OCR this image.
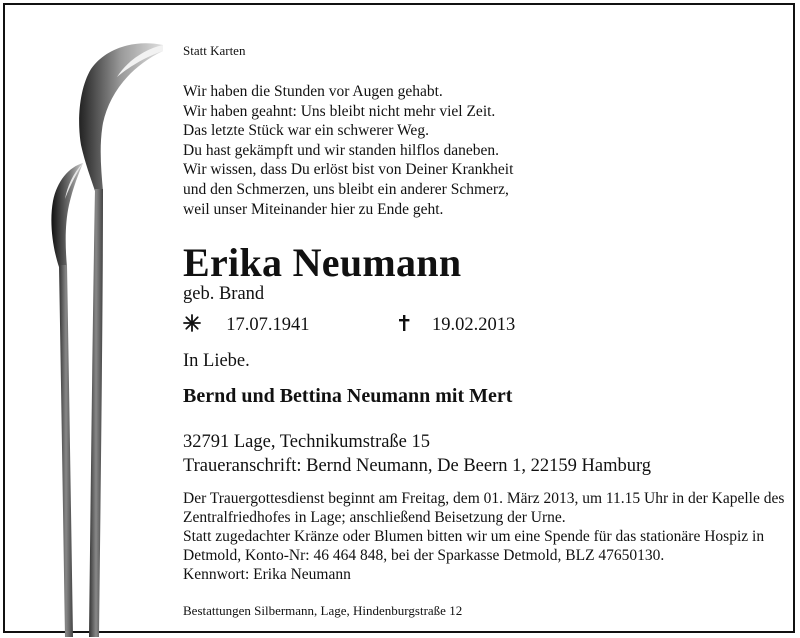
Statt Karten

Wir haben die Stunden vor Augen gehabt.
Wir haben geahnt: Uns bleibt nicht mehr viel Zeit.
Das letzte Stück war ein schwerer Weg.
Du hast gekämpft und wir standen hilflos daneben.
Wir wissen, dass Du erlöst bist von Deiner Krankheit
und den Schmerzen, uns bleibt ein anderer Schmerz,
weil unser Miteinander hier zu Ende geht.
Erika Neumann

geb. Brand

17.07.1941	19.02.2013

In Liebe.

Bernd und Bettina Neumann mit Mert

32791 Lage, Technikumstraße 15
Traueranschrift: Bernd Neumann, De Beern 1, 22159 Hamburg
Der Trauergottesdienst beginnt am Freitag, dem 01. März 2013, um 11.15 Uhr in der Kapelle des Zentralfriedhofes in Lage; anschließend Beisetzung der Urne.
Statt zugedachter Kränze oder Blumen bitten wir um eine Spende für das stationäre Hospiz in Detmold, Konto-Nr: 46 464 848, bei der Sparkasse Detmold, BLZ 47650130.
Kennwort: Erika Neumann

Bestattungen Silbermann, Lage, Hindenburgstraße 12
